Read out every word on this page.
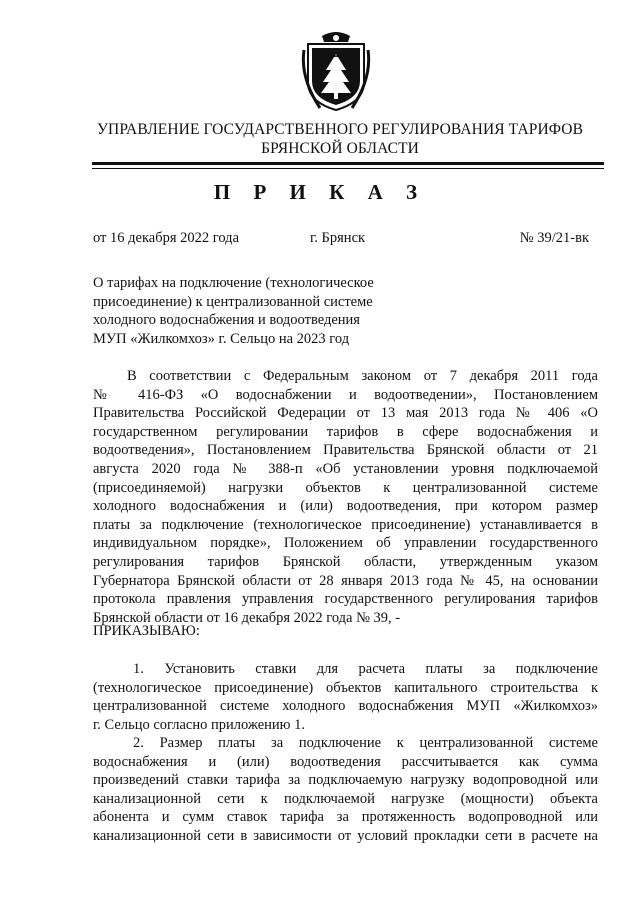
УПРАВЛЕНИЕ ГОСУДАРСТВЕННОГО РЕГУЛИРОВАНИЯ ТАРИФОВ
БРЯНСКОЙ ОБЛАСТИ
П Р И К А З
от 16 декабря 2022 года	г. Брянск	№ 39/21-вк
О тарифах на подключение (технологическое
присоединение) к централизованной системе
холодного водоснабжения и водоотведения
МУП «Жилкомхоз» г. Сельцо на 2023 год
В соответствии с Федеральным законом от 7 декабря 2011 года
№ 416-ФЗ «О водоснабжении и водоотведении», Постановлением
Правительства Российской Федерации от 13 мая 2013 года № 406 «О
государственном регулировании тарифов в сфере водоснабжения и
водоотведения», Постановлением Правительства Брянской области от 21
августа 2020 года № 388-п «Об установлении уровня подключаемой
(присоединяемой) нагрузки объектов к централизованной системе
холодного водоснабжения и (или) водоотведения, при котором размер
платы за подключение (технологическое присоединение) устанавливается в
индивидуальном порядке», Положением об управлении государственного
регулирования тарифов Брянской области, утвержденным указом
Губернатора Брянской области от 28 января 2013 года № 45, на основании
протокола правления управления государственного регулирования тарифов
Брянской области от 16 декабря 2022 года № 39, -
ПРИКАЗЫВАЮ:
1. Установить ставки для расчета платы за подключение
(технологическое присоединение) объектов капитального строительства к
централизованной системе холодного водоснабжения МУП «Жилкомхоз»
г. Сельцо согласно приложению 1.
2. Размер платы за подключение к централизованной системе
водоснабжения и (или) водоотведения рассчитывается как сумма
произведений ставки тарифа за подключаемую нагрузку водопроводной или
канализационной сети к подключаемой нагрузке (мощности) объекта
абонента и сумм ставок тарифа за протяженность водопроводной или
канализационной сети в зависимости от условий прокладки сети в расчете на
